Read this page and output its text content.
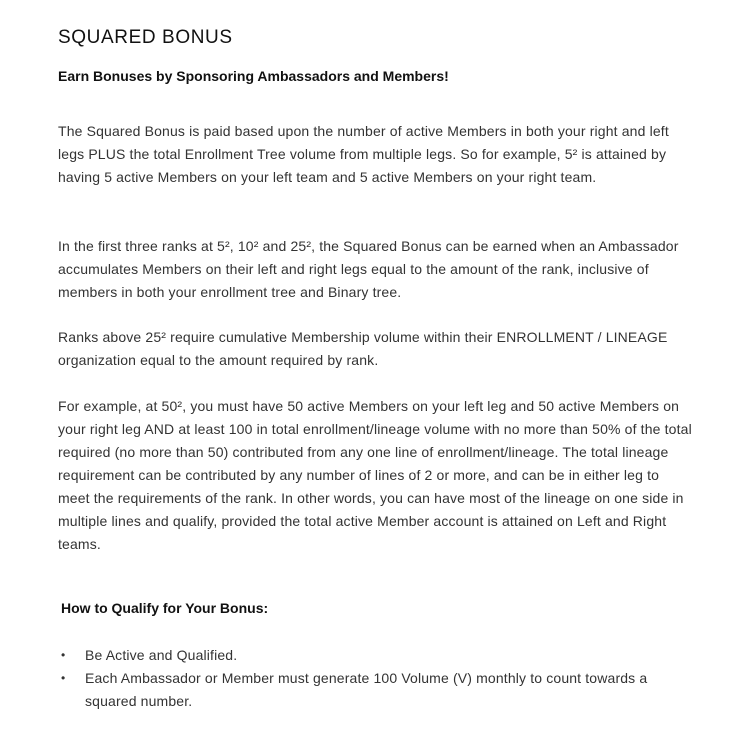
SQUARED BONUS
Earn Bonuses by Sponsoring Ambassadors and Members!

The Squared Bonus is paid based upon the number of active Members in both your right and left legs PLUS the total Enrollment Tree volume from multiple legs. So for example, 5² is attained by having 5 active Members on your left team and 5 active Members on your right team.

In the first three ranks at 5², 10² and 25², the Squared Bonus can be earned when an Ambassador accumulates Members on their left and right legs equal to the amount of the rank, inclusive of members in both your enrollment tree and Binary tree.

Ranks above 25² require cumulative Membership volume within their ENROLLMENT / LINEAGE organization equal to the amount required by rank.

For example, at 50², you must have 50 active Members on your left leg and 50 active Members on your right leg AND at least 100 in total enrollment/lineage volume with no more than 50% of the total required (no more than 50) contributed from any one line of enrollment/lineage. The total lineage requirement can be contributed by any number of lines of 2 or more, and can be in either leg to meet the requirements of the rank. In other words, you can have most of the lineage on one side in multiple lines and qualify, provided the total active Member account is attained on Left and Right teams.

How to Qualify for Your Bonus:
• Be Active and Qualified.
• Each Ambassador or Member must generate 100 Volume (V) monthly to count towards a squared number.
